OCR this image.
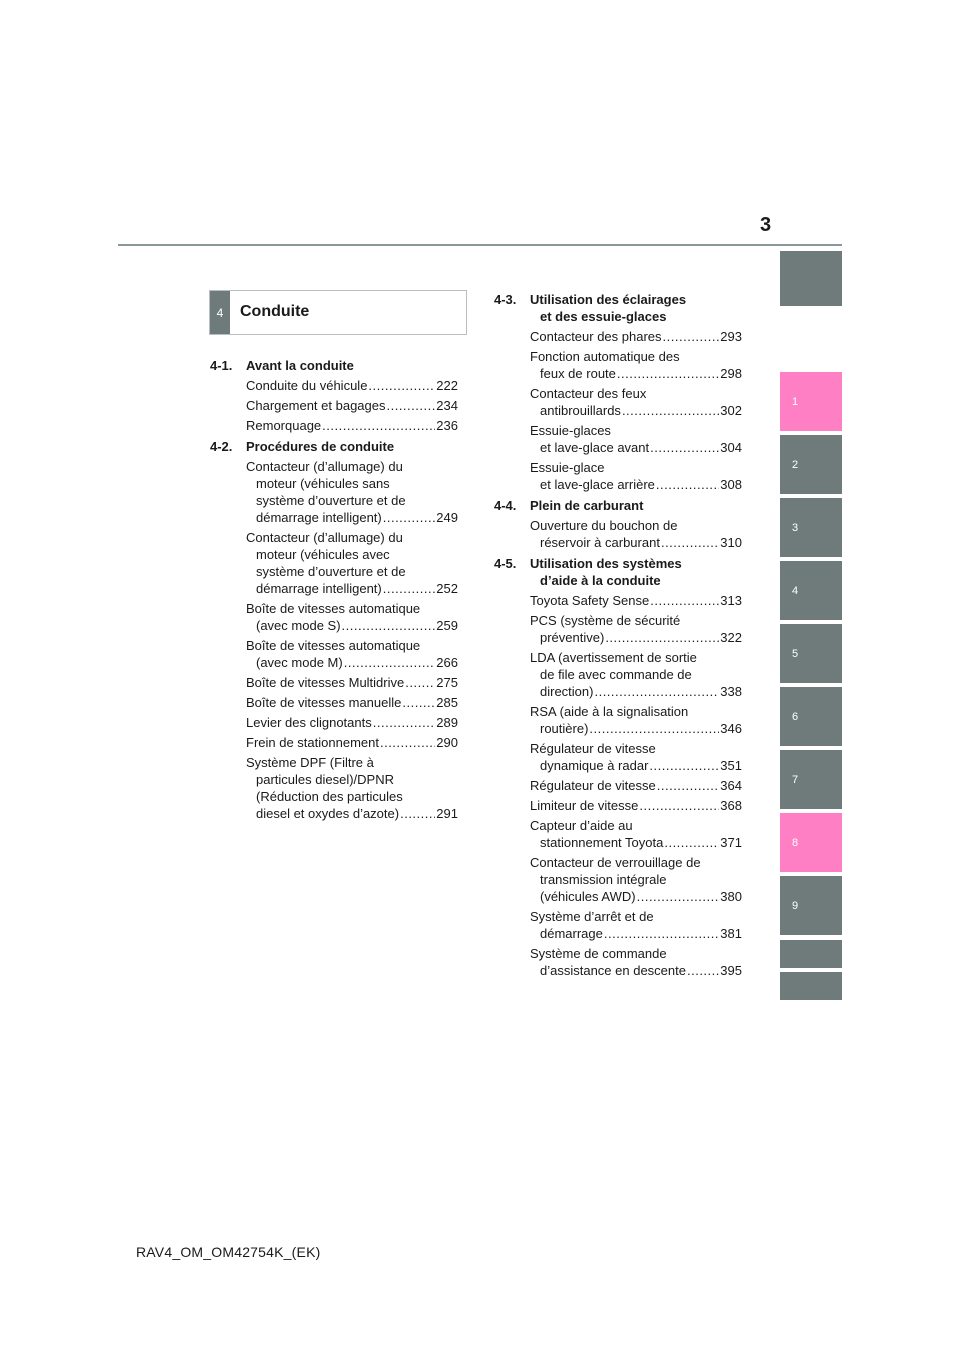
3
1
2
3
4
5
6
7
8
9
4	Conduite
4-1. Avant la conduite
Conduite du véhicule .....	222
Chargement et bagages .....	234
Remorquage .....	236
4-2. Procédures de conduite
Contacteur (d’allumage) du
moteur (véhicules sans
système d’ouverture et de
démarrage intelligent) .....	249
Contacteur (d’allumage) du
moteur (véhicules avec
système d’ouverture et de
démarrage intelligent) .....	252
Boîte de vitesses automatique
(avec mode S) .....	259
Boîte de vitesses automatique
(avec mode M) .....	266
Boîte de vitesses Multidrive ..... 275
Boîte de vitesses manuelle .....	285
Levier des clignotants .....	289
Frein de stationnement .....	290
Système DPF (Filtre à
particules diesel)/DPNR
(Réduction des particules
diesel et oxydes d’azote) .....	291
4-3. Utilisation des éclairages
et des essuie-glaces
Contacteur des phares .....	293
Fonction automatique des
feux de route .....	298
Contacteur des feux
antibrouillards .....	302
Essuie-glaces
et lave-glace avant .....	304
Essuie-glace
et lave-glace arrière .....	308
4-4. Plein de carburant
Ouverture du bouchon de
réservoir à carburant .....	310
4-5. Utilisation des systèmes
d’aide à la conduite
Toyota Safety Sense .....	313
PCS (système de sécurité
préventive) .....	322
LDA (avertissement de sortie
de file avec commande de
direction) .....	338
RSA (aide à la signalisation
routière) .....	346
Régulateur de vitesse
dynamique à radar .....	351
Régulateur de vitesse .....	364
Limiteur de vitesse .....	368
Capteur d’aide au
stationnement Toyota .....	371
Contacteur de verrouillage de
transmission intégrale
(véhicules AWD) .....	380
Système d’arrêt et de
démarrage .....	381
Système de commande
d’assistance en descente .....	395
RAV4_OM_OM42754K_(EK)
